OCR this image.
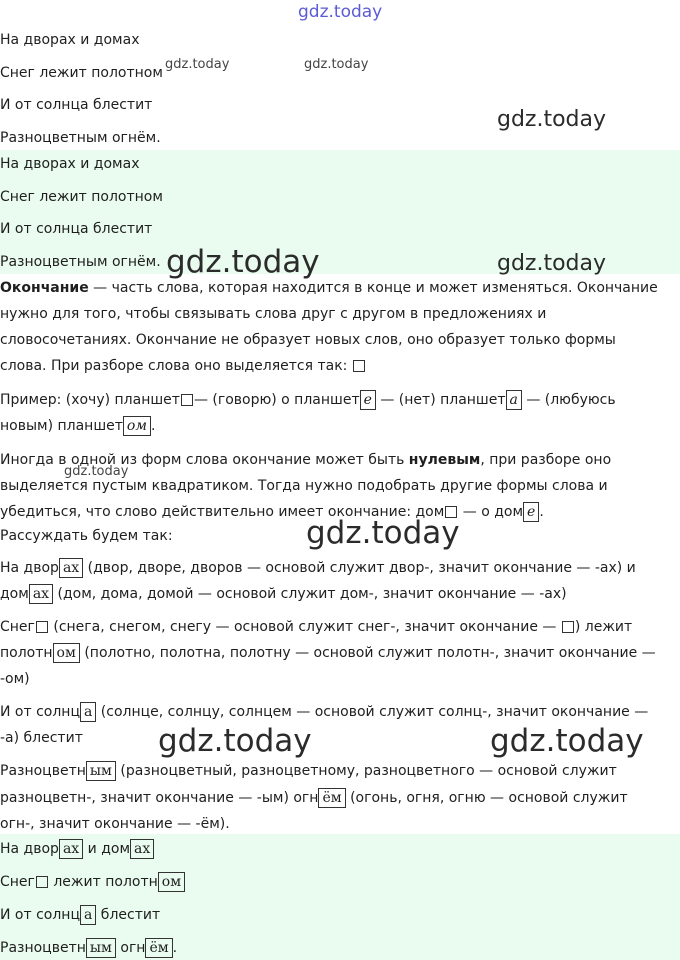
gdz.today
gdz.today	gdz.today
gdz.today
gdz.today	gdz.today
gdz.today
gdz.today
gdz.today	gdz.today
На дворах и домах
Снег лежит полотном
И от солнца блестит
Разноцветным огнём.
На дворах и домах
Снег лежит полотном
И от солнца блестит
Разноцветным огнём.
Окончание — часть слова, которая находится в конце и может изменяться. Окончание
нужно для того, чтобы связывать слова друг с другом в предложениях и
словосочетаниях. Окончание не образует новых слов, оно образует только формы
слова. При разборе слова оно выделяется так:
Пример: (хочу) планшет — (говорю) о планшет е — (нет) планшет а — (любуюсь
новым) планшет ом .
Иногда в одной из форм слова окончание может быть нулевым, при разборе оно
выделяется пустым квадратиком. Тогда нужно подобрать другие формы слова и
убедиться, что слово действительно имеет окончание: дом — о дом е .
Рассуждать будем так:
На двор ах (двор, дворе, дворов — основой служит двор-, значит окончание — -ах) и
дом ах (дом, дома, домой — основой служит дом-, значит окончание — -ах)
Снег (снега, снегом, снегу — основой служит снег-, значит окончание — ) лежит
полотн ом (полотно, полотна, полотну — основой служит полотн-, значит окончание —
-ом)
И от солнц а (солнце, солнцу, солнцем — основой служит солнц-, значит окончание —
-а) блестит
Разноцветн ым (разноцветный, разноцветному, разноцветного — основой служит
разноцветн-, значит окончание — -ым) огн ём (огонь, огня, огню — основой служит
огн-, значит окончание — -ём).
На двор ах и дом ах
Снег лежит полотн ом
И от солнц а блестит
Разноцветн ым огн ём .
